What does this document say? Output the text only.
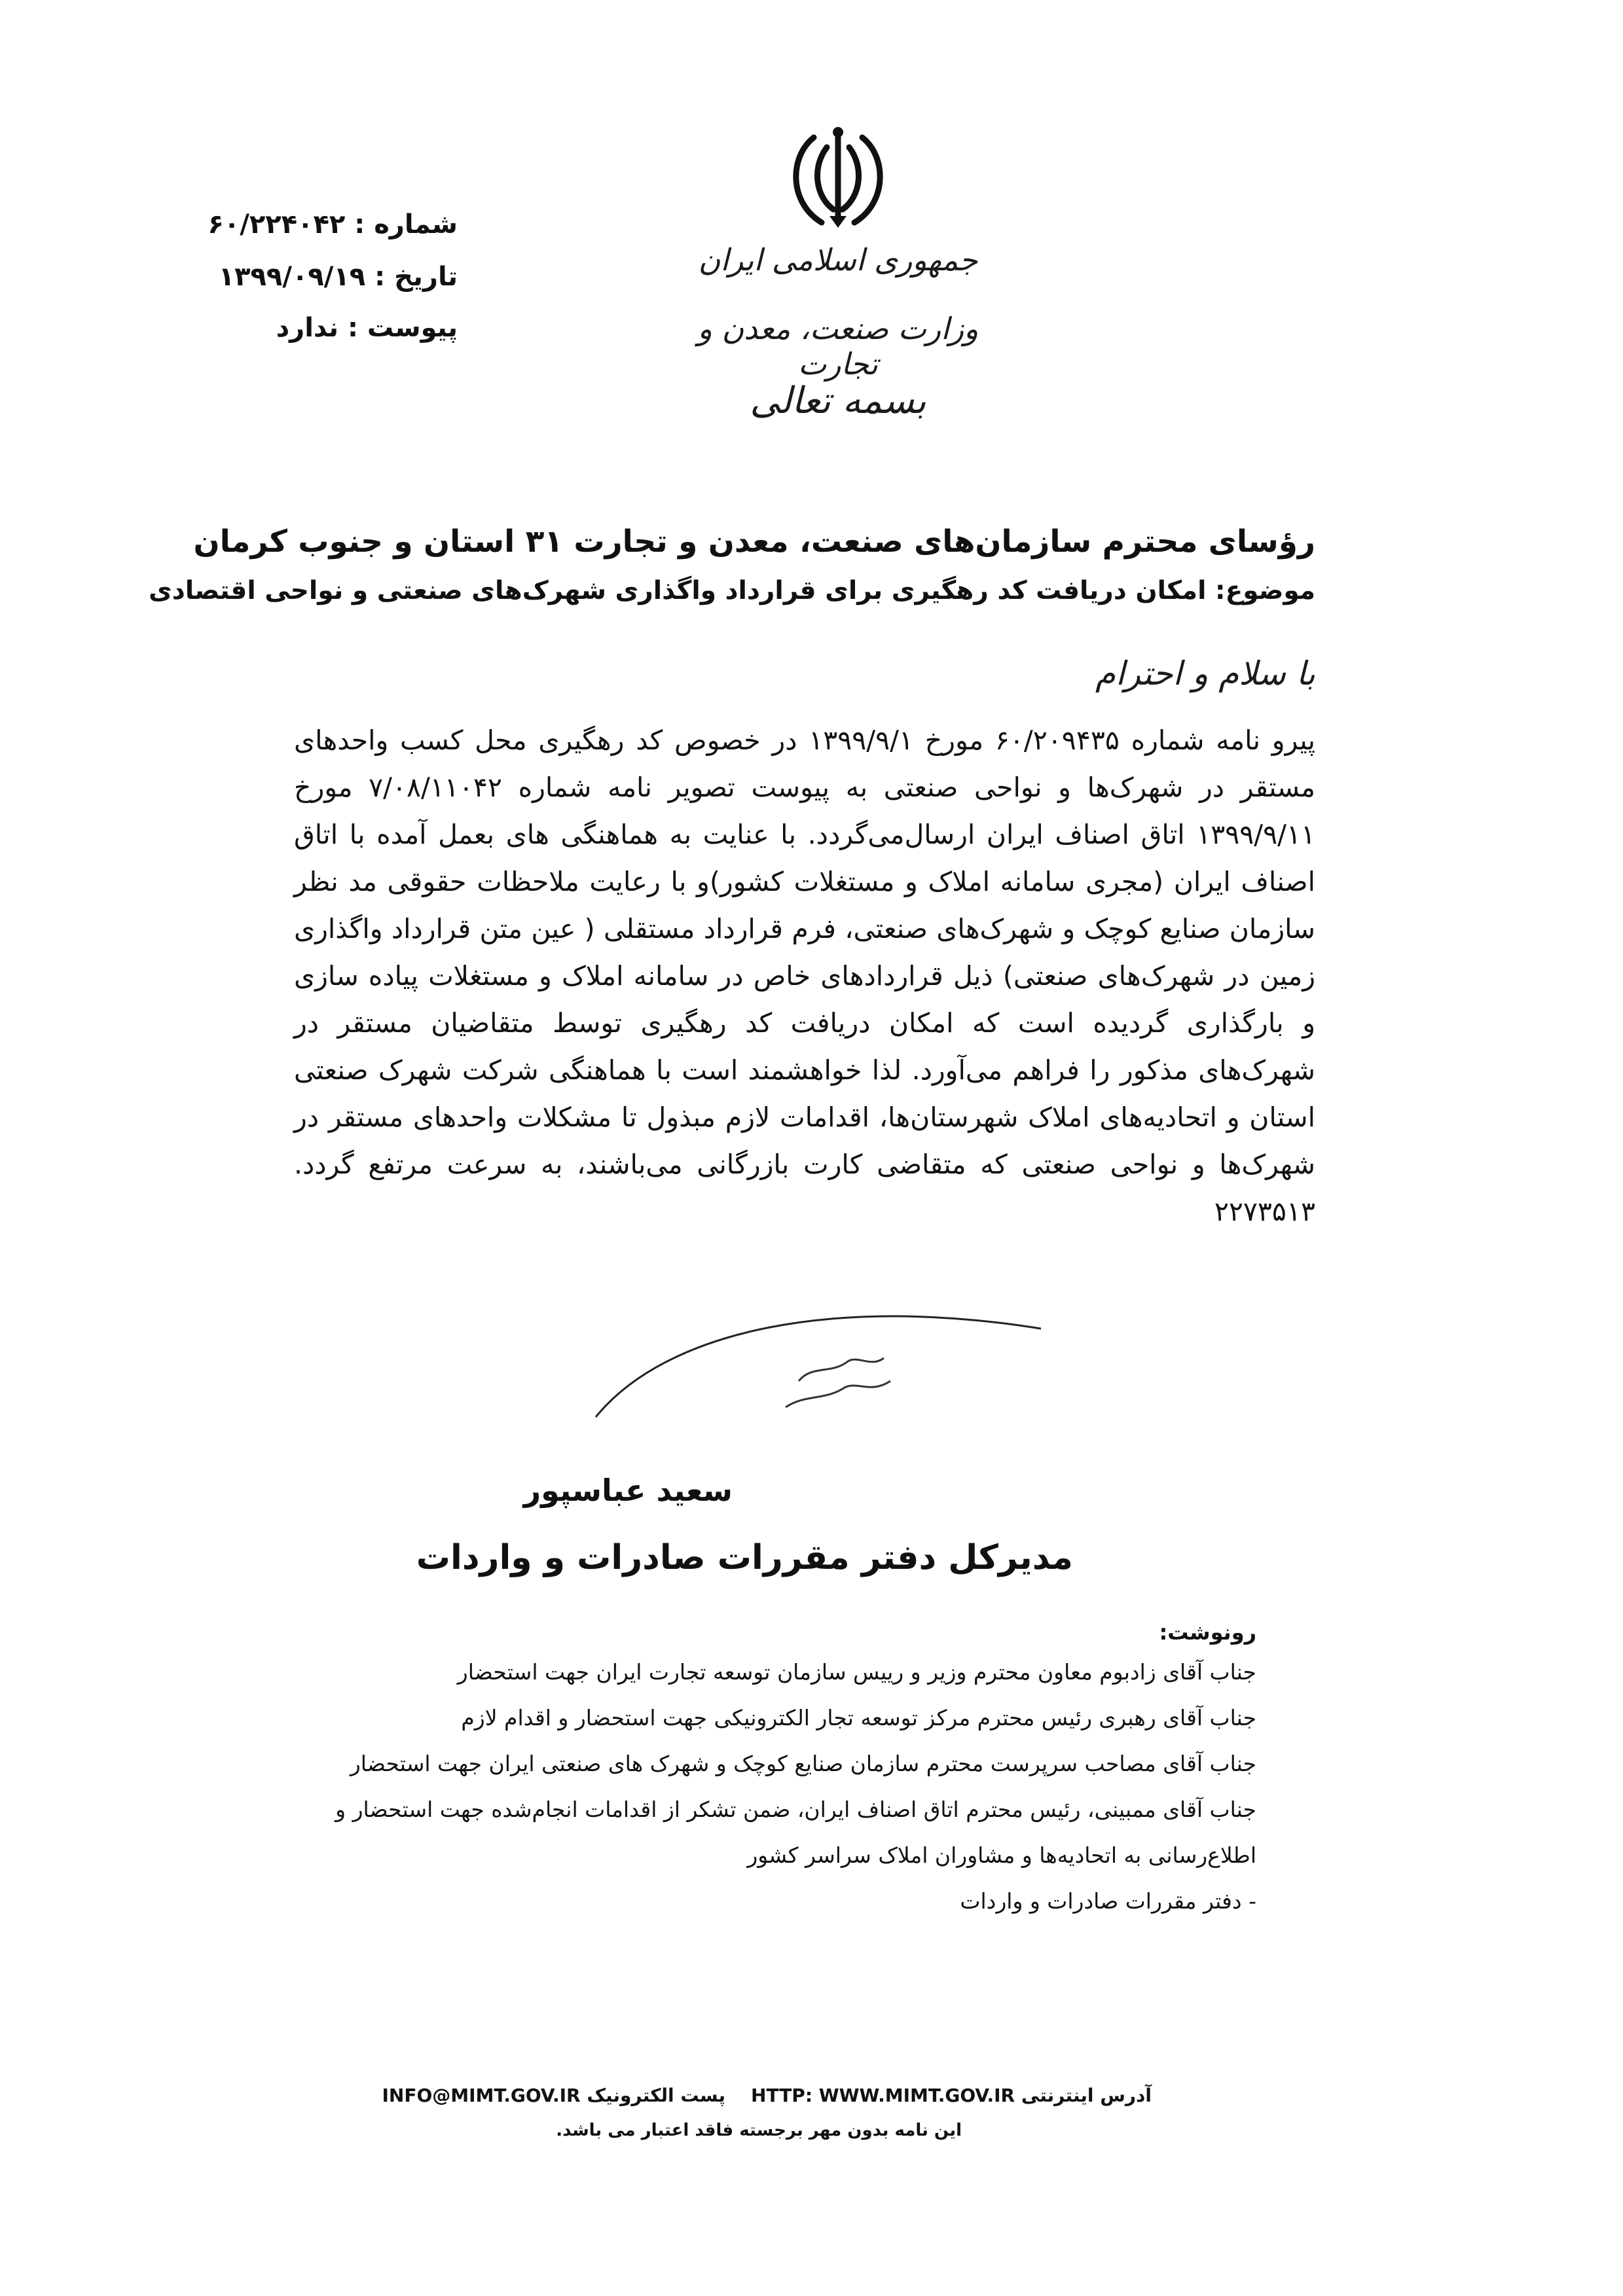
جمهوری اسلامی ایران
وزارت صنعت، معدن و تجارت
بسمه تعالی
شماره : ۶۰/۲۲۴۰۴۲
تاریخ : ۱۳۹۹/۰۹/۱۹
پیوست : ندارد
رؤسای محترم سازمان‌های صنعت، معدن و تجارت ۳۱ استان و جنوب کرمان
موضوع: امکان دریافت کد رهگیری برای قرارداد واگذاری شهرک‌های صنعتی و نواحی اقتصادی
با سلام و احترام
پیرو نامه شماره ۶۰/۲۰۹۴۳۵ مورخ ۱۳۹۹/۹/۱ در خصوص کد رهگیری محل کسب واحدهای مستقر در شهرک‌ها و نواحی صنعتی به پیوست تصویر نامه شماره ۷/۰۸/۱۱۰۴۲ مورخ ۱۳۹۹/۹/۱۱ اتاق اصناف ایران ارسال‌می‌گردد. با عنایت به هماهنگی های بعمل آمده با اتاق اصناف ایران (مجری سامانه املاک و مستغلات کشور)و با رعایت ملاحظات حقوقی مد نظر سازمان صنایع کوچک و شهرک‌های صنعتی، فرم قرارداد مستقلی ( عین متن قرارداد واگذاری زمین در شهرک‌های صنعتی) ذیل قراردادهای خاص در سامانه املاک و مستغلات پیاده سازی و بارگذاری گردیده است که امکان دریافت کد رهگیری توسط متقاضیان مستقر در شهرک‌های مذکور را فراهم می‌آورد. لذا خواهشمند است با هماهنگی شرکت شهرک صنعتی استان و اتحادیه‌های املاک شهرستان‌ها، اقدامات لازم مبذول تا مشکلات واحدهای مستقر در شهرک‌ها و نواحی صنعتی که متقاضی کارت بازرگانی می‌باشند، به سرعت مرتفع گردد. ۲۲۷۳۵۱۳
سعید عباسپور
مدیرکل دفتر مقررات صادرات و واردات
رونوشت:
جناب آقای زادبوم معاون محترم وزیر و رییس سازمان توسعه تجارت ایران جهت استحضار
جناب آقای رهبری رئیس محترم مرکز توسعه تجار الکترونیکی جهت استحضار و اقدام لازم
جناب آقای مصاحب سرپرست محترم سازمان صنایع کوچک و شهرک های صنعتی ایران جهت استحضار
جناب آقای ممبینی، رئیس محترم اتاق اصناف ایران، ضمن تشکر از اقدامات انجام‌شده جهت استحضار و
اطلاع‌رسانی به اتحادیه‌ها و مشاوران املاک سراسر کشور
- دفتر مقررات صادرات و واردات
آدرس اینترنتی HTTP: WWW.MIMT.GOV.IR    پست الکترونیک INFO@MIMT.GOV.IR
این نامه بدون مهر برجسته فاقد اعتبار می باشد.
